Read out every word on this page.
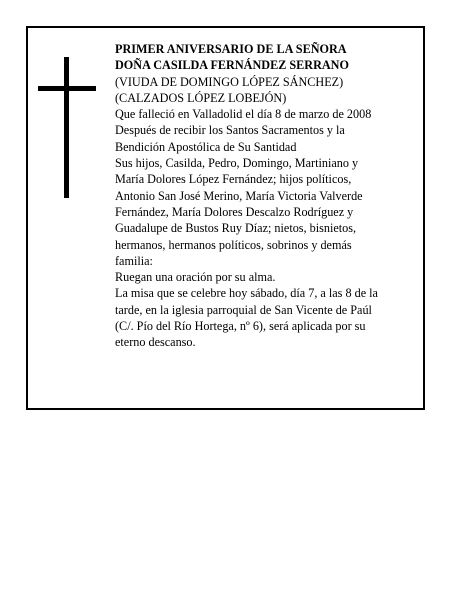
PRIMER ANIVERSARIO DE LA SEÑORA
DOÑA CASILDA FERNÁNDEZ SERRANO
(VIUDA DE DOMINGO LÓPEZ SÁNCHEZ)
(CALZADOS LÓPEZ LOBEJÓN)
Que falleció en Valladolid el día 8 de marzo de 2008
Después de recibir los Santos Sacramentos y la
Bendición Apostólica de Su Santidad
Sus hijos, Casilda, Pedro, Domingo, Martiniano y
María Dolores López Fernández; hijos políticos,
Antonio San José Merino, María Victoria Valverde
Fernández, María Dolores Descalzo Rodríguez y
Guadalupe de Bustos Ruy Díaz; nietos, bisnietos,
hermanos, hermanos políticos, sobrinos y demás
familia:
Ruegan una oración por su alma.
La misa que se celebre hoy sábado, día 7, a las 8 de la
tarde, en la iglesia parroquial de San Vicente de Paúl
(C/. Pío del Río Hortega, nº 6), será aplicada por su
eterno descanso.
